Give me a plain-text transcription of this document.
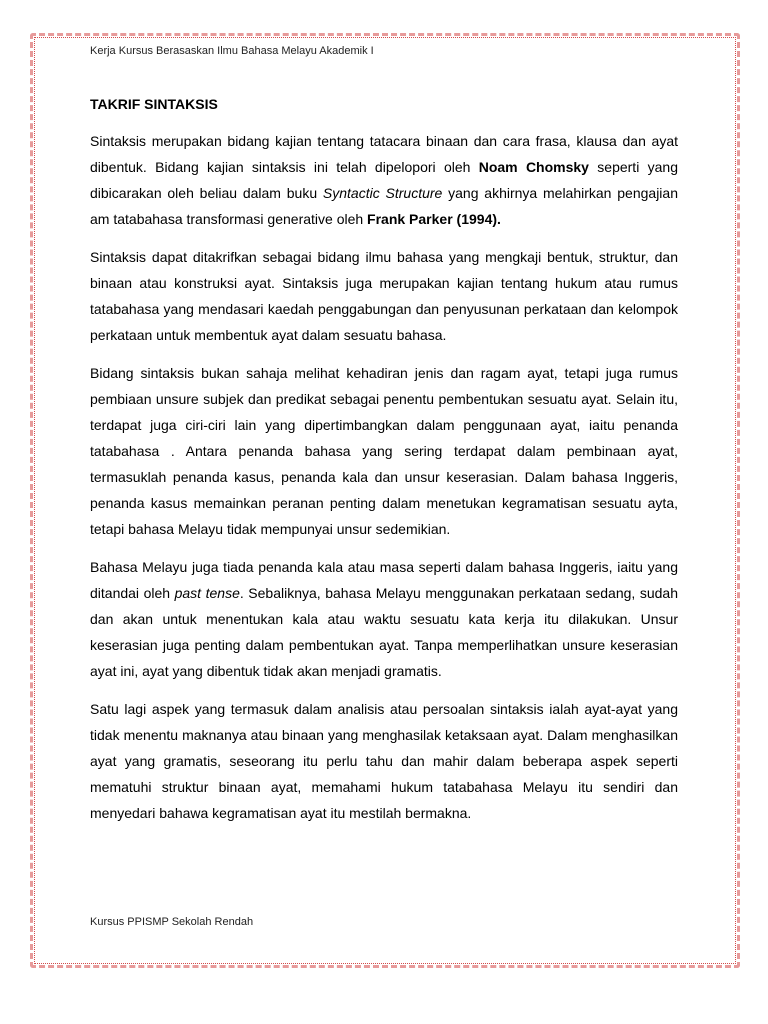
Kerja Kursus Berasaskan Ilmu Bahasa Melayu Akademik I
TAKRIF SINTAKSIS

Sintaksis merupakan bidang kajian tentang tatacara binaan dan cara frasa, klausa dan ayat dibentuk. Bidang kajian sintaksis ini telah dipelopori oleh Noam Chomsky seperti yang dibicarakan oleh beliau dalam buku Syntactic Structure yang akhirnya melahirkan pengajian am tatabahasa transformasi generative oleh Frank Parker (1994).

Sintaksis dapat ditakrifkan sebagai bidang ilmu bahasa yang mengkaji bentuk, struktur, dan binaan atau konstruksi ayat. Sintaksis juga merupakan kajian tentang hukum atau rumus tatabahasa yang mendasari kaedah penggabungan dan penyusunan perkataan dan kelompok perkataan untuk membentuk ayat dalam sesuatu bahasa.

Bidang sintaksis bukan sahaja melihat kehadiran jenis dan ragam ayat, tetapi juga rumus pembiaan unsure subjek dan predikat sebagai penentu pembentukan sesuatu ayat. Selain itu, terdapat juga ciri-ciri lain yang dipertimbangkan dalam penggunaan ayat, iaitu penanda tatabahasa . Antara penanda bahasa yang sering terdapat dalam pembinaan ayat, termasuklah penanda kasus, penanda kala dan unsur keserasian. Dalam bahasa Inggeris, penanda kasus memainkan peranan penting dalam menetukan kegramatisan sesuatu ayta, tetapi bahasa Melayu tidak mempunyai unsur sedemikian.

Bahasa Melayu juga tiada penanda kala atau masa seperti dalam bahasa Inggeris, iaitu yang ditandai oleh past tense. Sebaliknya, bahasa Melayu menggunakan perkataan sedang, sudah dan akan untuk menentukan kala atau waktu sesuatu kata kerja itu dilakukan. Unsur keserasian juga penting dalam pembentukan ayat. Tanpa memperlihatkan unsure keserasian ayat ini, ayat yang dibentuk tidak akan menjadi gramatis.

Satu lagi aspek yang termasuk dalam analisis atau persoalan sintaksis ialah ayat-ayat yang tidak menentu maknanya atau binaan yang menghasilak ketaksaan ayat. Dalam menghasilkan ayat yang gramatis, seseorang itu perlu tahu dan mahir dalam beberapa aspek seperti mematuhi struktur binaan ayat, memahami hukum tatabahasa Melayu itu sendiri dan menyedari bahawa kegramatisan ayat itu mestilah bermakna.

Kursus PPISMP Sekolah Rendah
